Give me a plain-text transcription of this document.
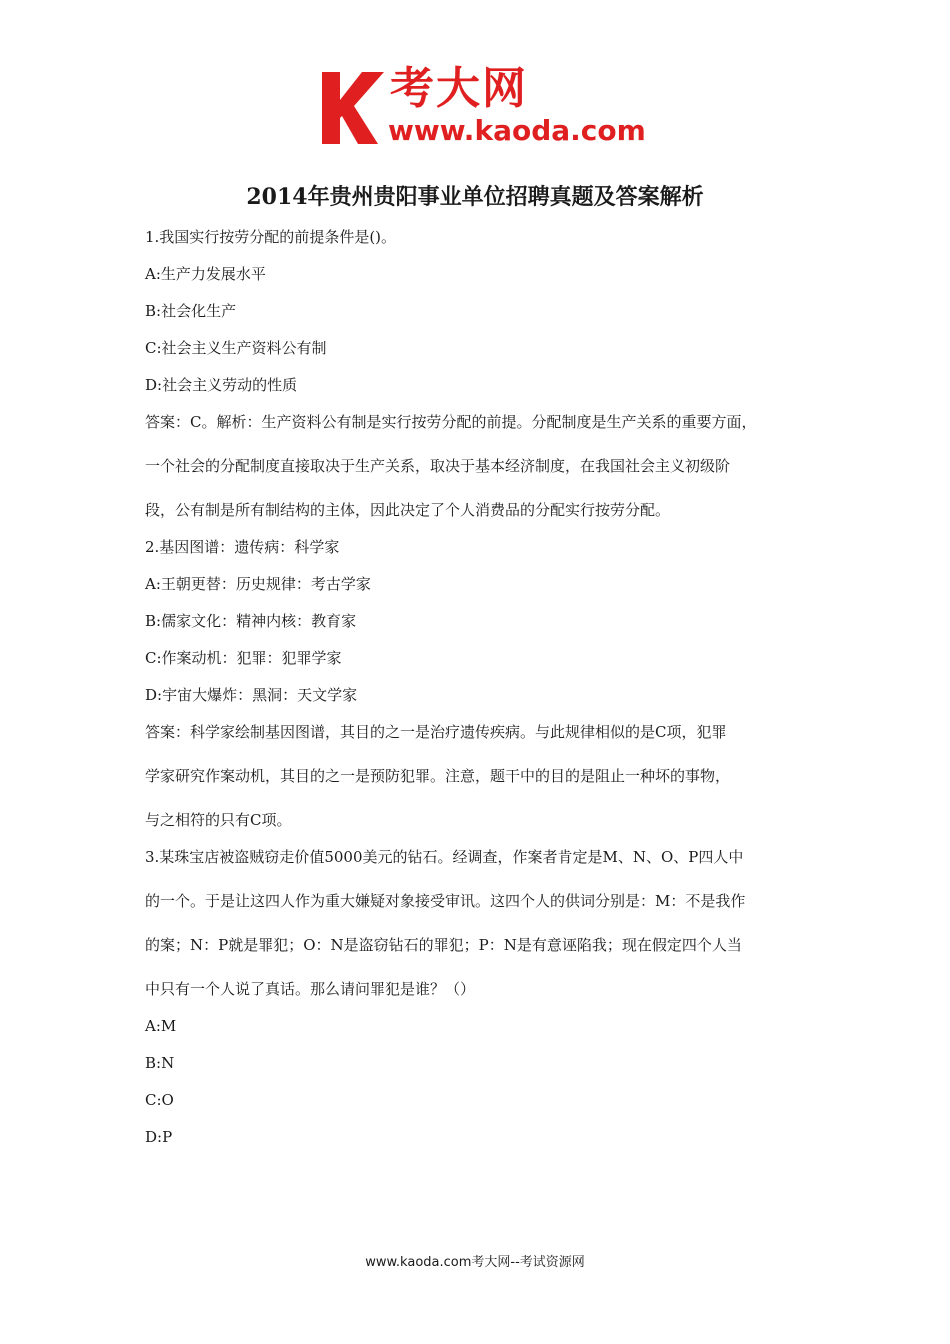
考大网
www.kaoda.com
2014年贵州贵阳事业单位招聘真题及答案解析
1.我国实行按劳分配的前提条件是()。
A:生产力发展水平
B:社会化生产
C:社会主义生产资料公有制
D:社会主义劳动的性质
答案：C。解析：生产资料公有制是实行按劳分配的前提。分配制度是生产关系的重要方面，
一个社会的分配制度直接取决于生产关系，取决于基本经济制度，在我国社会主义初级阶
段，公有制是所有制结构的主体，因此决定了个人消费品的分配实行按劳分配。
2.基因图谱：遗传病：科学家
A:王朝更替：历史规律：考古学家
B:儒家文化：精神内核：教育家
C:作案动机：犯罪：犯罪学家
D:宇宙大爆炸：黑洞：天文学家
答案：科学家绘制基因图谱，其目的之一是治疗遗传疾病。与此规律相似的是C项，犯罪
学家研究作案动机，其目的之一是预防犯罪。注意，题干中的目的是阻止一种坏的事物，
与之相符的只有C项。
3.某珠宝店被盗贼窃走价值5000美元的钻石。经调查，作案者肯定是M、N、O、P四人中
的一个。于是让这四人作为重大嫌疑对象接受审讯。这四个人的供词分别是：M：不是我作
的案；N：P就是罪犯；O：N是盗窃钻石的罪犯；P：N是有意诬陷我；现在假定四个人当
中只有一个人说了真话。那么请问罪犯是谁？（）
A:M
B:N
C:O
D:P
www.kaoda.com考大网--考试资源网
